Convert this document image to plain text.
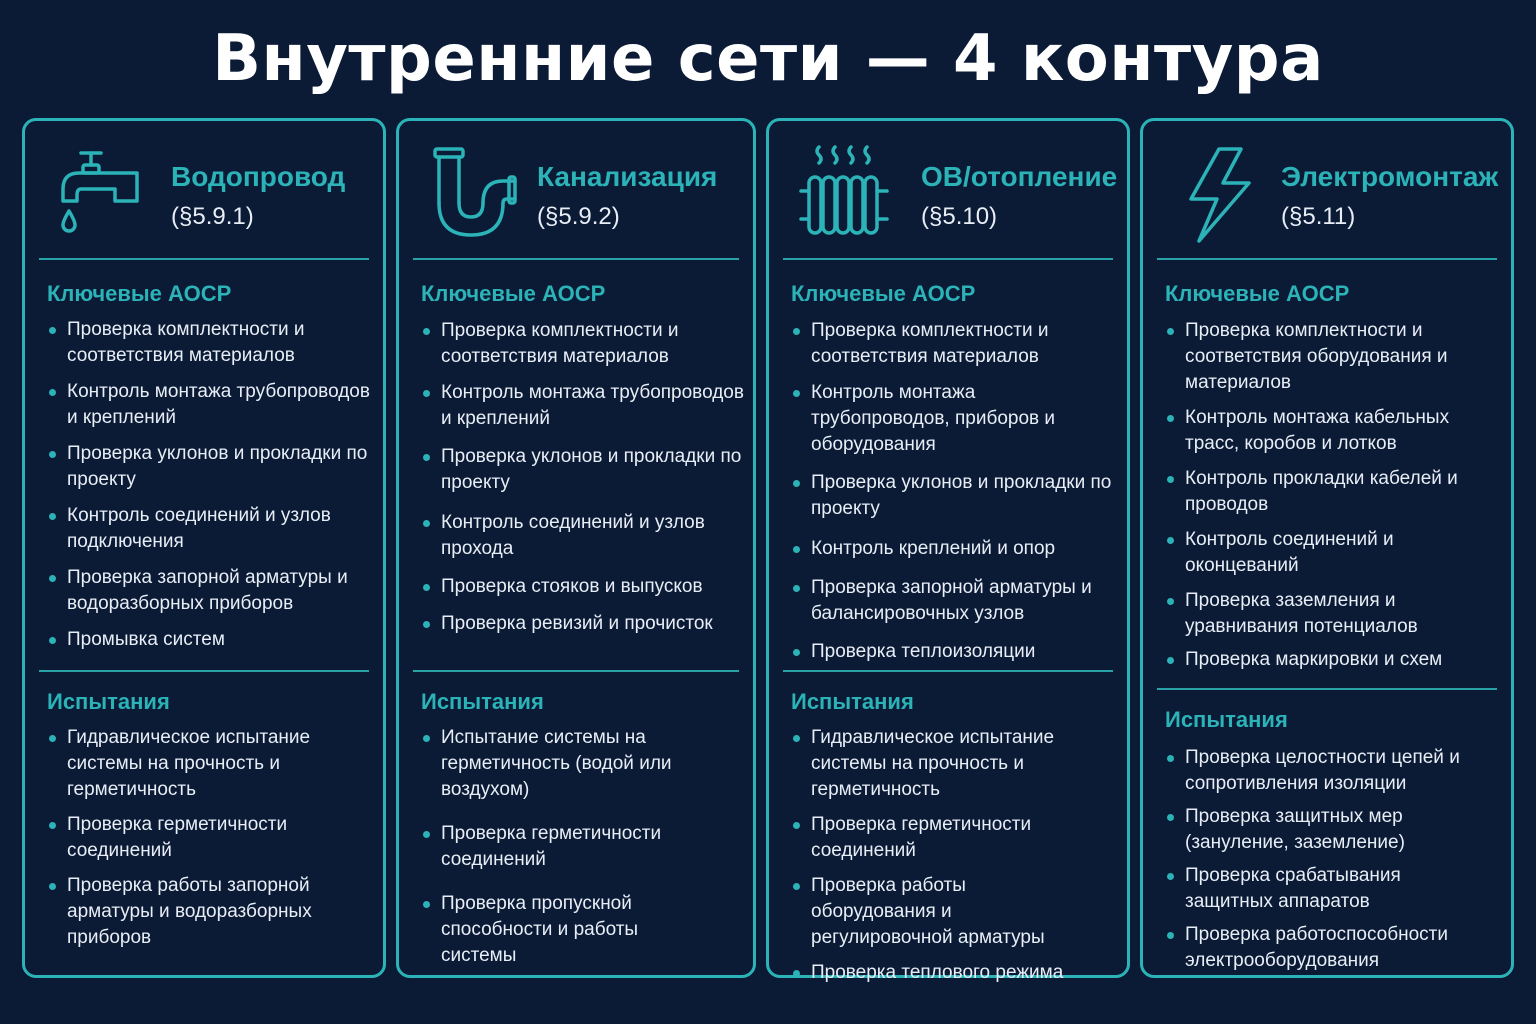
Внутренние сети — 4 контура
Водопровод
(§5.9.1)
Ключевые АОСР
Проверка комплектности и соответствия материалов
Контроль монтажа трубопроводов и креплений
Проверка уклонов и прокладки по проекту
Контроль соединений и узлов подключения
Проверка запорной арматуры и водоразборных приборов
Промывка систем
Испытания
Гидравлическое испытание системы на прочность и герметичность
Проверка герметичности соединений
Проверка работы запорной арматуры и водоразборных приборов
Канализация
(§5.9.2)
Ключевые АОСР
Проверка комплектности и соответствия материалов
Контроль монтажа трубопроводов и креплений
Проверка уклонов и прокладки по проекту
Контроль соединений и узлов прохода
Проверка стояков и выпусков
Проверка ревизий и прочисток
Испытания
Испытание системы на герметичность (водой или воздухом)
Проверка герметичности соединений
Проверка пропускной способности и работы системы
ОВ/отопление
(§5.10)
Ключевые АОСР
Проверка комплектности и соответствия материалов
Контроль монтажа трубопроводов, приборов и оборудования
Проверка уклонов и прокладки по проекту
Контроль креплений и опор
Проверка запорной арматуры и балансировочных узлов
Проверка теплоизоляции
Испытания
Гидравлическое испытание системы на прочность и герметичность
Проверка герметичности соединений
Проверка работы оборудования и регулировочной арматуры
Проверка теплового режима
Электромонтаж
(§5.11)
Ключевые АОСР
Проверка комплектности и соответствия оборудования и материалов
Контроль монтажа кабельных трасс, коробов и лотков
Контроль прокладки кабелей и проводов
Контроль соединений и оконцеваний
Проверка заземления и уравнивания потенциалов
Проверка маркировки и схем
Испытания
Проверка целостности цепей и сопротивления изоляции
Проверка защитных мер (зануление, заземление)
Проверка срабатывания защитных аппаратов
Проверка работоспособности электрооборудования
